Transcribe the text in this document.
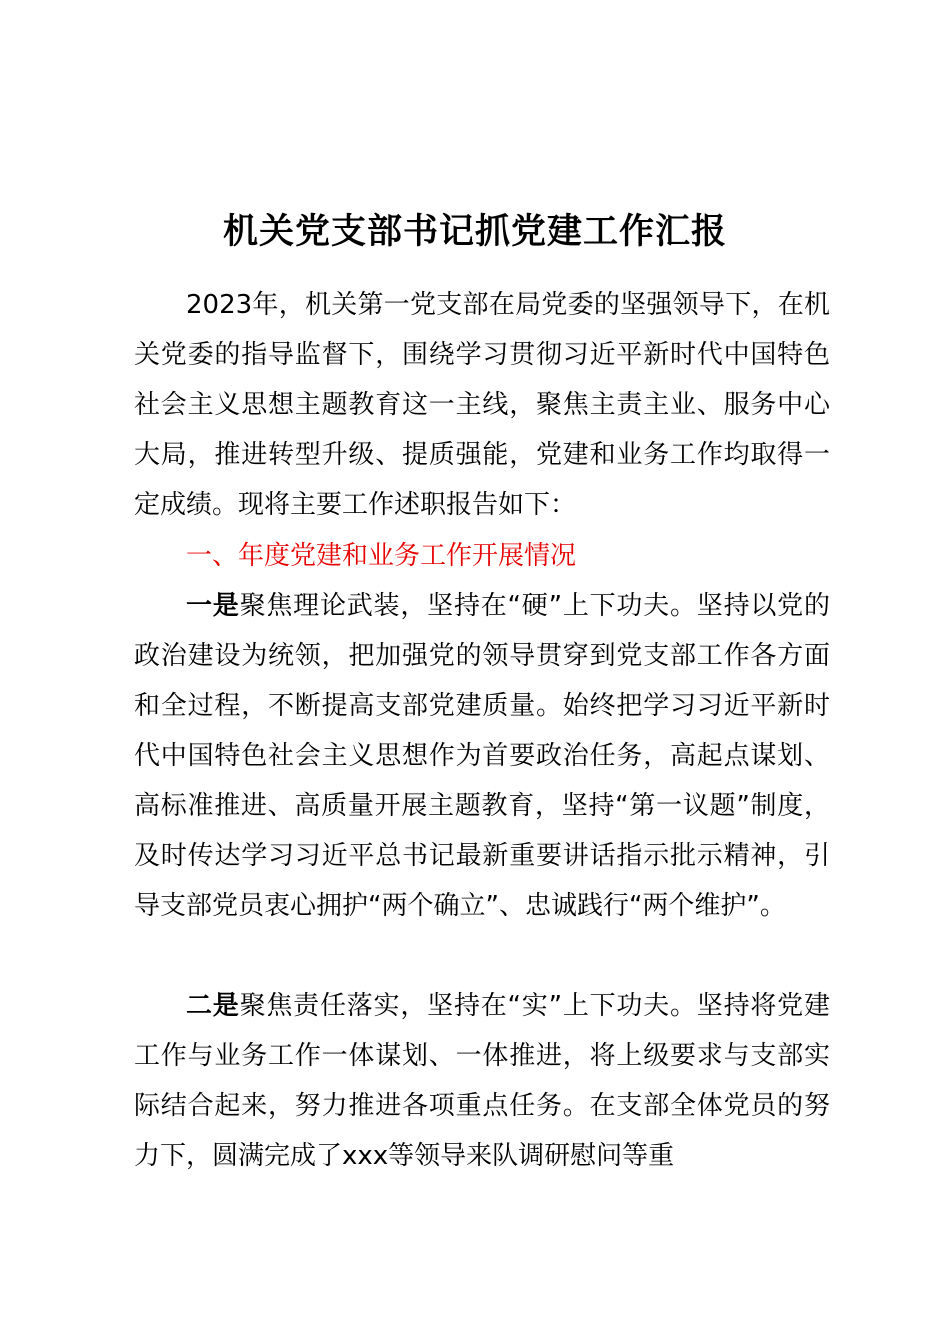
机关党支部书记抓党建工作汇报

2023年，机关第一党支部在局党委的坚强领导下，在机关党委的指导监督下，围绕学习贯彻习近平新时代中国特色社会主义思想主题教育这一主线，聚焦主责主业、服务中心大局，推进转型升级、提质强能，党建和业务工作均取得一定成绩。现将主要工作述职报告如下：

一、年度党建和业务工作开展情况

一是聚焦理论武装，坚持在“硬”上下功夫。坚持以党的政治建设为统领，把加强党的领导贯穿到党支部工作各方面和全过程，不断提高支部党建质量。始终把学习习近平新时代中国特色社会主义思想作为首要政治任务，高起点谋划、高标准推进、高质量开展主题教育，坚持“第一议题”制度，及时传达学习习近平总书记最新重要讲话指示批示精神，引导支部党员衷心拥护“两个确立”、忠诚践行“两个维护”。

二是聚焦责任落实，坚持在“实”上下功夫。坚持将党建工作与业务工作一体谋划、一体推进，将上级要求与支部实际结合起来，努力推进各项重点任务。在支部全体党员的努力下，圆满完成了xxx等领导来队调研慰问等重
